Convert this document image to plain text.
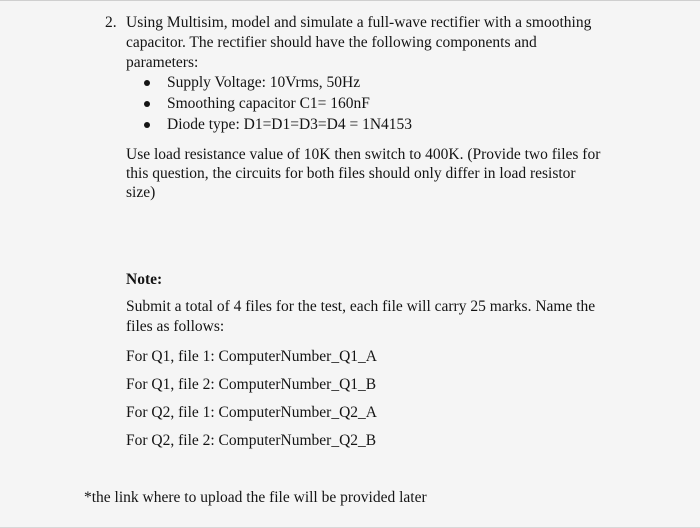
2. Using Multisim, model and simulate a full-wave rectifier with a smoothing
capacitor. The rectifier should have the following components and
parameters:
Supply Voltage: 10Vrms, 50Hz
Smoothing capacitor C1= 160nF
Diode type: D1=D1=D3=D4 = 1N4153
Use load resistance value of 10K then switch to 400K. (Provide two files for
this question, the circuits for both files should only differ in load resistor
size)
Note:
Submit a total of 4 files for the test, each file will carry 25 marks. Name the
files as follows:
For Q1, file 1: ComputerNumber_Q1_A
For Q1, file 2: ComputerNumber_Q1_B
For Q2, file 1: ComputerNumber_Q2_A
For Q2, file 2: ComputerNumber_Q2_B
*the link where to upload the file will be provided later
